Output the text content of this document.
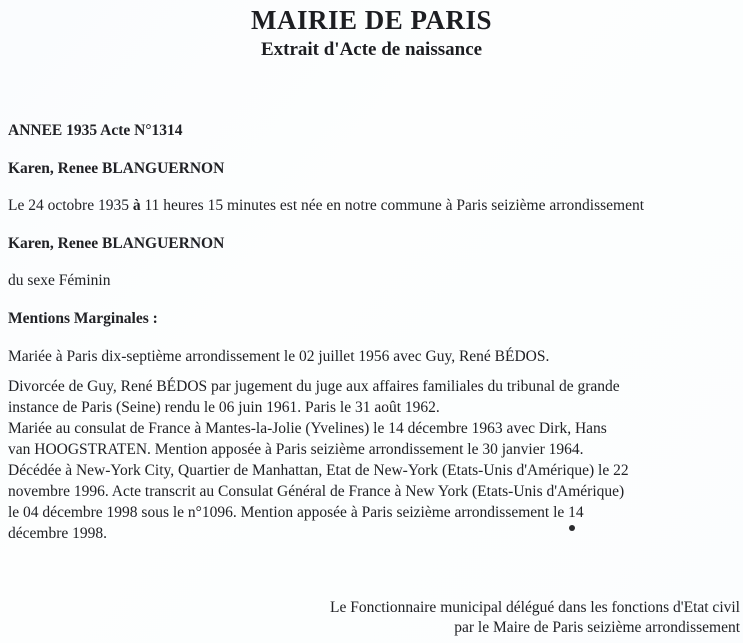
MAIRIE DE PARIS
Extrait d'Acte de naissance
ANNEE 1935 Acte N°1314
Karen, Renee BLANGUERNON
Le 24 octobre 1935 à 11 heures 15 minutes est née en notre commune à Paris seizième arrondissement
Karen, Renee BLANGUERNON
du sexe Féminin
Mentions Marginales :
Mariée à Paris dix-septième arrondissement le 02 juillet 1956 avec Guy, René BÉDOS.
Divorcée de Guy, René BÉDOS par jugement du juge aux affaires familiales du tribunal de grande
instance de Paris (Seine) rendu le 06 juin 1961. Paris le 31 août 1962.
Mariée au consulat de France à Mantes-la-Jolie (Yvelines) le 14 décembre 1963 avec Dirk, Hans
van HOOGSTRATEN. Mention apposée à Paris seizième arrondissement le 30 janvier 1964.
Décédée à New-York City, Quartier de Manhattan, Etat de New-York (Etats-Unis d'Amérique) le 22
novembre 1996. Acte transcrit au Consulat Général de France à New York (Etats-Unis d'Amérique)
le 04 décembre 1998 sous le n°1096. Mention apposée à Paris seizième arrondissement le 14
décembre 1998.
Le Fonctionnaire municipal délégué dans les fonctions d'Etat civil
par le Maire de Paris seizième arrondissement
